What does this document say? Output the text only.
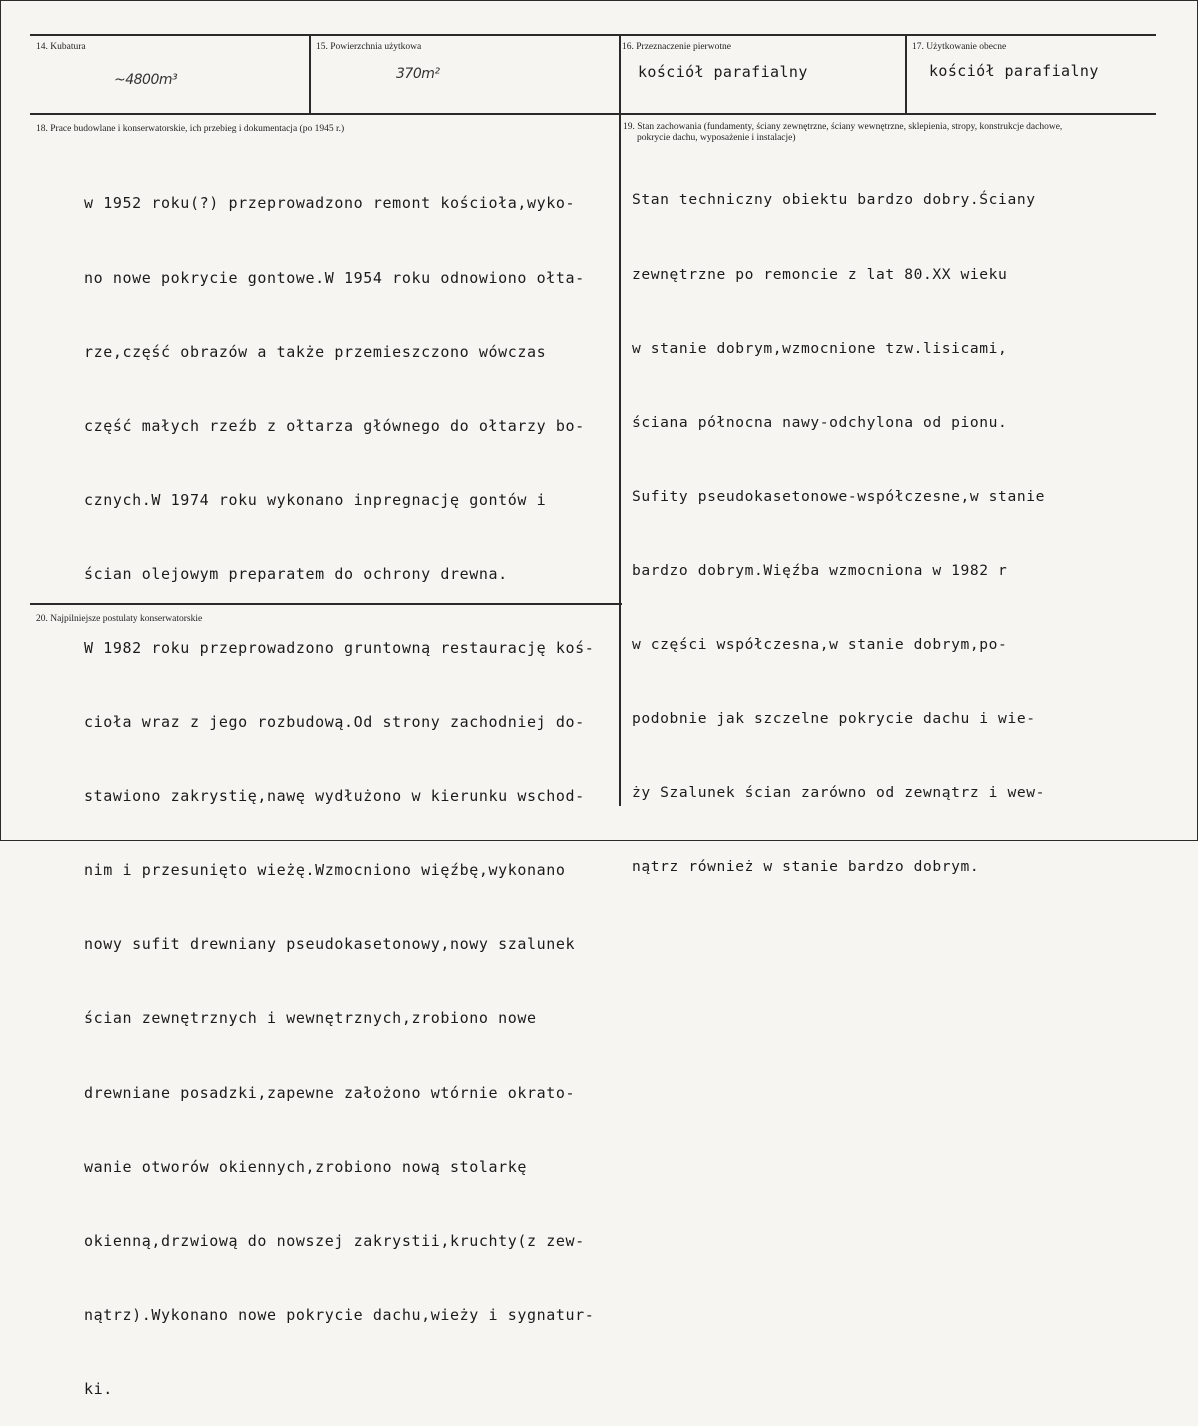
14. Kubatura
~4800m³
15. Powierzchnia użytkowa
370m²
16. Przeznaczenie pierwotne
kościół parafialny
17. Użytkowanie obecne
kościół parafialny
18. Prace budowlane i konserwatorskie, ich przebieg i dokumentacja (po 1945 r.)

w 1952 roku(?) przeprowadzono remont kościoła,wyko-

no nowe pokrycie gontowe.W 1954 roku odnowiono ołta-

rze,część obrazów a także przemieszczono wówczas

część małych rzeźb z ołtarza głównego do ołtarzy bo-

cznych.W 1974 roku wykonano inpregnację gontów i

ścian olejowym preparatem do ochrony drewna.

W 1982 roku przeprowadzono gruntowną restaurację koś-

cioła wraz z jego rozbudową.Od strony zachodniej do-

stawiono zakrystię,nawę wydłużono w kierunku wschod-

nim i przesunięto wieżę.Wzmocniono więźbę,wykonano

nowy sufit drewniany pseudokasetonowy,nowy szalunek

ścian zewnętrznych i wewnętrznych,zrobiono nowe

drewniane posadzki,zapewne założono wtórnie okrato-

wanie otworów okiennych,zrobiono nową stolarkę

okienną,drzwiową do nowszej zakrystii,kruchty(z zew-

nątrz).Wykonano nowe pokrycie dachu,wieży i sygnatur-

ki.

19. Stan zachowania (fundamenty, ściany zewnętrzne, ściany wewnętrzne, sklepienia, stropy, konstrukcje dachowe,
pokrycie dachu, wyposażenie i instalacje)

Stan techniczny obiektu bardzo dobry.Ściany

zewnętrzne po remoncie z lat 80.XX wieku

w stanie dobrym,wzmocnione tzw.lisicami,

ściana północna nawy-odchylona od pionu.

Sufity pseudokasetonowe-współczesne,w stanie

bardzo dobrym.Więźba wzmocniona w 1982 r

w części współczesna,w stanie dobrym,po-

podobnie jak szczelne pokrycie dachu i wie-

ży Szalunek ścian zarówno od zewnątrz i wew-

nątrz również w stanie bardzo dobrym.

20. Najpilniejsze postulaty konserwatorskie
